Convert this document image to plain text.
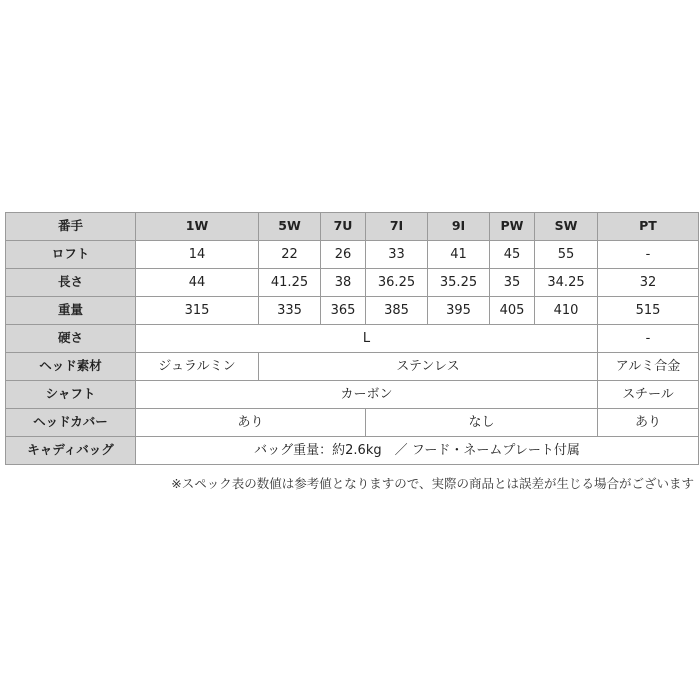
番手	1W	5W	7U	7I	9I	PW	SW	PT
ロフト	14	22	26	33	41	45	55	-
長さ	44	41.25	38	36.25	35.25	35	34.25	32
重量	315	335	365	385	395	405	410	515
硬さ	L							-
ヘッド素材	ジュラルミン	ステンレス						アルミ合金
シャフト	カーボン							スチール
ヘッドカバー	あり			なし				あり
キャディバッグ	バッグ重量：約2.6kg　／ フード・ネームプレート付属							
※スペック表の数値は参考値となりますので、実際の商品とは誤差が生じる場合がございます
